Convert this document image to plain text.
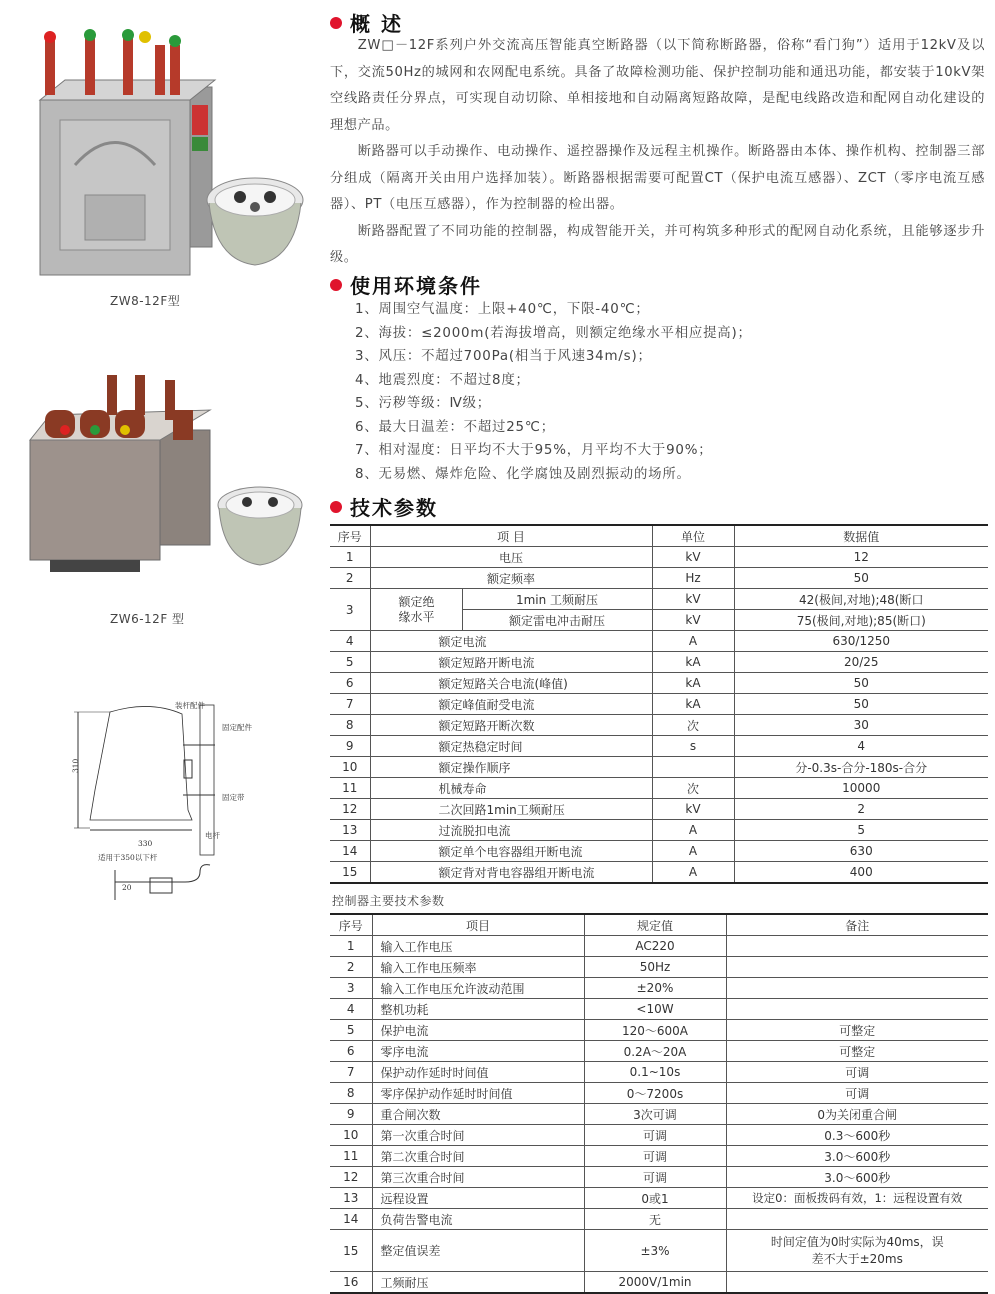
ZW8-12F型
ZW6-12F 型
310
330
装杆配件
固定配件
固定带
电杆
适用于350以下杆
20
概 述

ZW□－12F系列户外交流高压智能真空断路器（以下简称断路器，俗称“看门狗”）适用于12kV及以下，交流50Hz的城网和农网配电系统。具备了故障检测功能、保护控制功能和通迅功能，都安装于10kV架空线路责任分界点，可实现自动切除、单相接地和自动隔离短路故障，是配电线路改造和配网自动化建设的理想产品。

断路器可以手动操作、电动操作、遥控器操作及远程主机操作。断路器由本体、操作机构、控制器三部分组成（隔离开关由用户选择加装）。断路器根据需要可配置CT（保护电流互感器）、ZCT（零序电流互感器）、PT（电压互感器），作为控制器的检出器。

断路器配置了不同功能的控制器，构成智能开关，并可构筑多种形式的配网自动化系统，且能够逐步升级。

使用环境条件
1、周围空气温度：上限+40℃，下限-40℃；
2、海拔：≤2000m(若海拔增高，则额定绝缘水平相应提高)；
3、风压：不超过700Pa(相当于风速34m/s)；
4、地震烈度：不超过8度；
5、污秽等级：Ⅳ级；
6、最大日温差：不超过25℃；
7、相对湿度：日平均不大于95%，月平均不大于90%；
8、无易燃、爆炸危险、化学腐蚀及剧烈振动的场所。
技术参数
序号	项 目		单位	数据值
1	电压		kV	12
2	额定频率		Hz	50
3	额定绝缘水平	1min 工频耐压	kV	42(极间,对地);48(断口
		额定雷电冲击耐压	kV	75(极间,对地);85(断口)
4	额定电流		A	630/1250
5	额定短路开断电流		kA	20/25
6	额定短路关合电流(峰值)		kA	50
7	额定峰值耐受电流		kA	50
8	额定短路开断次数		次	30
9	额定热稳定时间		s	4
10	额定操作顺序			分-0.3s-合分-180s-合分
11	机械寿命		次	10000
12	二次回路1min工频耐压		kV	2
13	过流脱扣电流		A	5
14	额定单个电容器组开断电流		A	630
15	额定背对背电容器组开断电流		A	400
控制器主要技术参数
序号	项目	规定值	备注
1	输入工作电压	AC220	
2	输入工作电压频率	50Hz	
3	输入工作电压允许波动范围	±20%	
4	整机功耗	<10W	
5	保护电流	120～600A	可整定
6	零序电流	0.2A～20A	可整定
7	保护动作延时时间值	0.1~10s	可调
8	零序保护动作延时时间值	0～7200s	可调
9	重合闸次数	3次可调	0为关闭重合闸
10	第一次重合时间	可调	0.3～600秒
11	第二次重合时间	可调	3.0～600秒
12	第三次重合时间	可调	3.0～600秒
13	远程设置	0或1	设定0：面板拨码有效，1：远程设置有效
14	负荷告警电流	无	
15	整定值误差	±3%	时间定值为0时实际为40ms，误差不大于±20ms
16	工频耐压	2000V/1min	
